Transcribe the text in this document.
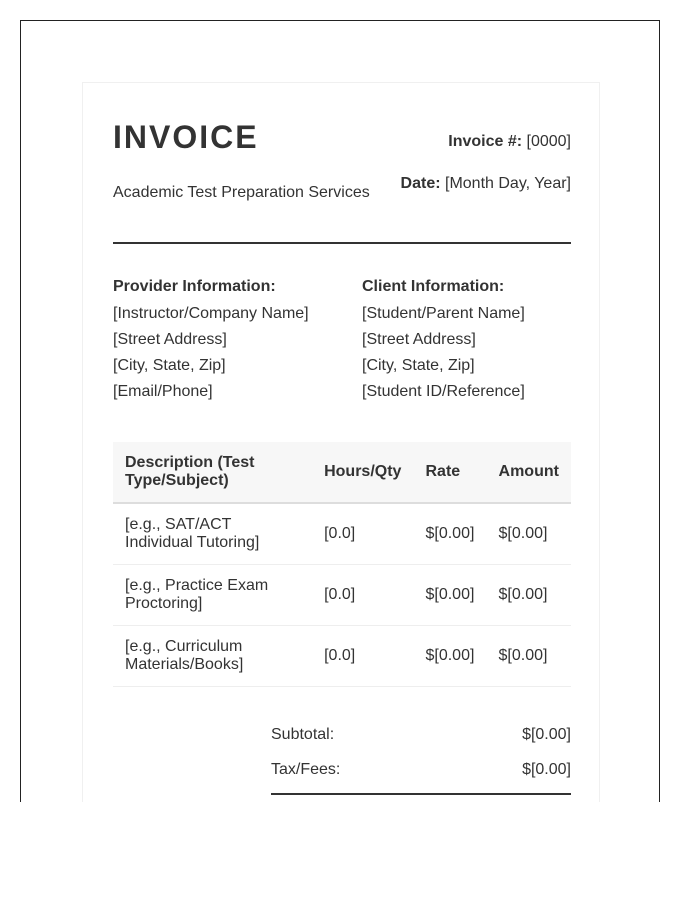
INVOICE
Academic Test Preparation Services
Invoice #: [0000]
Date: [Month Day, Year]
Provider Information:
[Instructor/Company Name]
[Street Address]
[City, State, Zip]
[Email/Phone]
Client Information:
[Student/Parent Name]
[Street Address]
[City, State, Zip]
[Student ID/Reference]
Description (Test Type/Subject)	Hours/Qty	Rate	Amount
[e.g., SAT/ACT Individual Tutoring]	[0.0]	$[0.00]	$[0.00]
[e.g., Practice Exam Proctoring]	[0.0]	$[0.00]	$[0.00]
[e.g., Curriculum Materials/Books]	[0.0]	$[0.00]	$[0.00]
Subtotal:	$[0.00]
Tax/Fees:	$[0.00]
